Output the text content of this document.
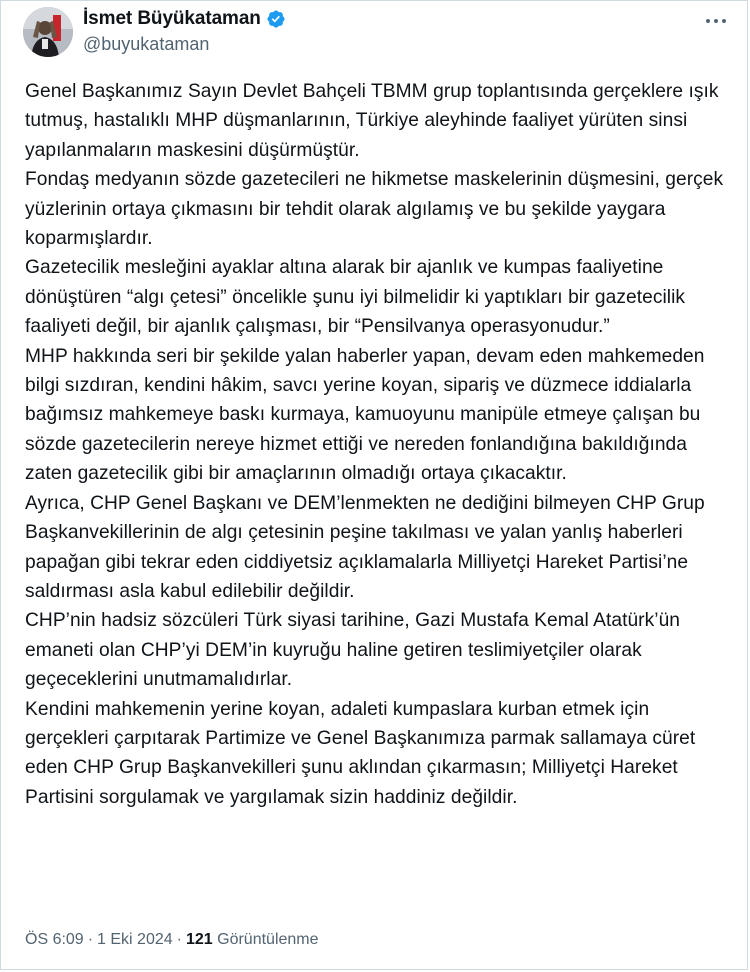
İsmet Büyükataman
@buyukataman

Genel Başkanımız Sayın Devlet Bahçeli TBMM grup toplantısında gerçeklere ışık tutmuş, hastalıklı MHP düşmanlarının, Türkiye aleyhinde faaliyet yürüten sinsi yapılanmaların maskesini düşürmüştür.

Fondaş medyanın sözde gazetecileri ne hikmetse maskelerinin düşmesini, gerçek yüzlerinin ortaya çıkmasını bir tehdit olarak algılamış ve bu şekilde yaygara koparmışlardır.

Gazetecilik mesleğini ayaklar altına alarak bir ajanlık ve kumpas faaliyetine dönüştüren “algı çetesi” öncelikle şunu iyi bilmelidir ki yaptıkları bir gazetecilik faaliyeti değil, bir ajanlık çalışması, bir “Pensilvanya operasyonudur.”

MHP hakkında seri bir şekilde yalan haberler yapan, devam eden mahkemeden bilgi sızdıran, kendini hâkim, savcı yerine koyan, sipariş ve düzmece iddialarla bağımsız mahkemeye baskı kurmaya, kamuoyunu manipüle etmeye çalışan bu sözde gazetecilerin nereye hizmet ettiği ve nereden fonlandığına bakıldığında zaten gazetecilik gibi bir amaçlarının olmadığı ortaya çıkacaktır.

Ayrıca, CHP Genel Başkanı ve DEM’lenmekten ne dediğini bilmeyen CHP Grup Başkanvekillerinin de algı çetesinin peşine takılması ve yalan yanlış haberleri papağan gibi tekrar eden ciddiyetsiz açıklamalarla Milliyetçi Hareket Partisi’ne saldırması asla kabul edilebilir değildir.

CHP’nin hadsiz sözcüleri Türk siyasi tarihine, Gazi Mustafa Kemal Atatürk’ün emaneti olan CHP’yi DEM’in kuyruğu haline getiren teslimiyetçiler olarak geçeceklerini unutmamalıdırlar.

Kendini mahkemenin yerine koyan, adaleti kumpaslara kurban etmek için gerçekleri çarpıtarak Partimize ve Genel Başkanımıza parmak sallamaya cüret eden CHP Grup Başkanvekilleri şunu aklından çıkarmasın; Milliyetçi Hareket Partisini sorgulamak ve yargılamak sizin haddiniz değildir.

ÖS 6:09 · 1 Eki 2024 · 121 Görüntülenme
